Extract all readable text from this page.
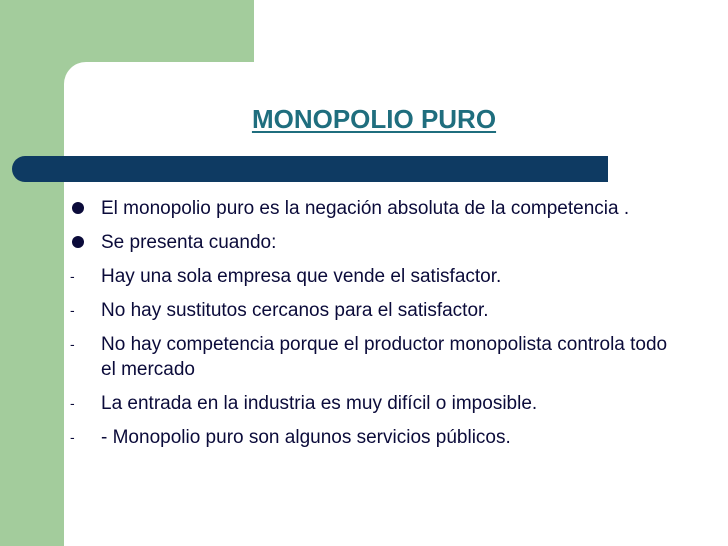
MONOPOLIO PURO
El monopolio puro es la negación absoluta de la competencia .
Se presenta cuando:
-	Hay una sola empresa que vende el satisfactor.
-	No hay sustitutos cercanos para el satisfactor.
-	No hay competencia porque el productor monopolista controla todo el mercado
-	La entrada en la industria es muy difícil o imposible.
-	- Monopolio puro son algunos servicios públicos.
